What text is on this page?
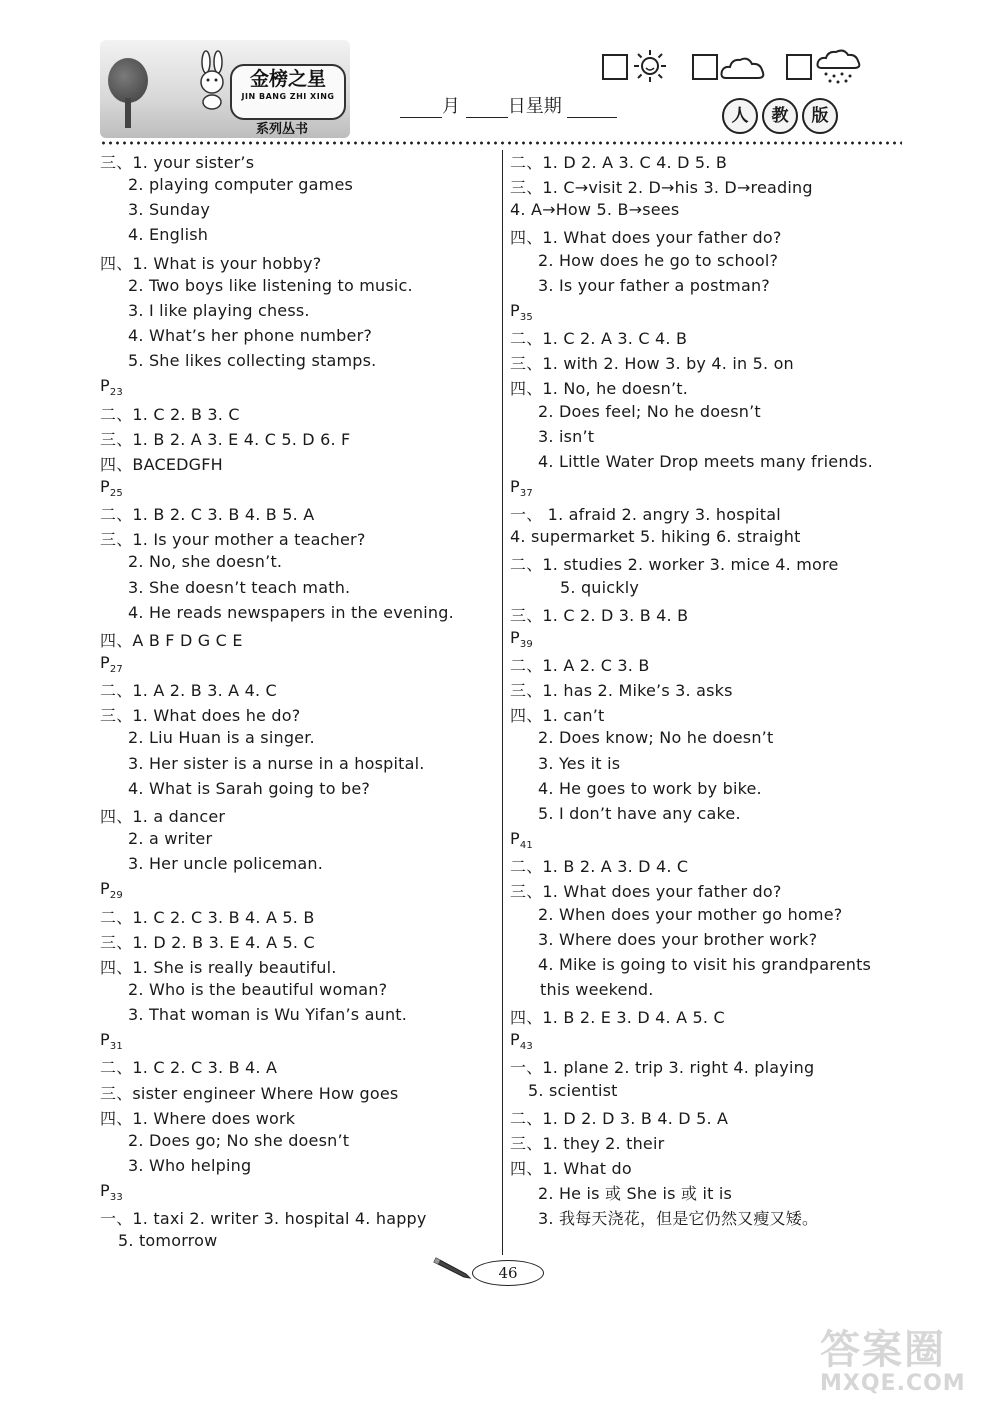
金榜之星
JIN BANG ZHI XING
系列丛书
月	日星期	人	教	版
三、1. your sister’s
2. playing computer games
3. Sunday
4. English
四、1. What is your hobby?
2. Two boys like listening to music.
3. I like playing chess.
4. What’s her phone number?
5. She likes collecting stamps.
$P_{23}$
二、1. C 2. B 3. C
三、1. B 2. A 3. E 4. C 5. D 6. F
四、BACEDGFH
$P_{25}$
二、1. B 2. C 3. B 4. B 5. A
三、1. Is your mother a teacher?
2. No, she doesn’t.
3. She doesn’t teach math.
4. He reads newspapers in the evening.
四、A B F D G C E
$P_{27}$
二、1. A 2. B 3. A 4. C
三、1. What does he do?
2. Liu Huan is a singer.
3. Her sister is a nurse in a hospital.
4. What is Sarah going to be?
四、1. a dancer
2. a writer
3. Her uncle policeman.
$P_{29}$
二、1. C 2. C 3. B 4. A 5. B
三、1. D 2. B 3. E 4. A 5. C
四、1. She is really beautiful.
2. Who is the beautiful woman?
3. That woman is Wu Yifan’s aunt.
$P_{31}$
二、1. C 2. C 3. B 4. A
三、sister engineer Where How goes
四、1. Where does work
2. Does go; No she doesn’t
3. Who helping
$P_{33}$
一、1. taxi 2. writer 3. hospital 4. happy
5. tomorrow
二、1. D 2. A 3. C 4. D 5. B
三、1. C→visit 2. D→his 3. D→reading
4. A→How 5. B→sees
四、1. What does your father do?
2. How does he go to school?
3. Is your father a postman?
$P_{35}$
二、1. C 2. A 3. C 4. B
三、1. with 2. How 3. by 4. in 5. on
四、1. No, he doesn’t.
2. Does feel; No he doesn’t
3. isn’t
4. Little Water Drop meets many friends.
$P_{37}$
一、 1. afraid 2. angry 3. hospital
4. supermarket 5. hiking 6. straight
二、1. studies 2. worker 3. mice 4. more
5. quickly
三、1. C 2. D 3. B 4. B
$P_{39}$
二、1. A 2. C 3. B
三、1. has 2. Mike’s 3. asks
四、1. can’t
2. Does know; No he doesn’t
3. Yes it is
4. He goes to work by bike.
5. I don’t have any cake.
$P_{41}$
二、1. B 2. A 3. D 4. C
三、1. What does your father do?
2. When does your mother go home?
3. Where does your brother work?
4. Mike is going to visit his grandparents
this weekend.
四、1. B 2. E 3. D 4. A 5. C
$P_{43}$
一、1. plane 2. trip 3. right 4. playing
5. scientist
二、1. D 2. D 3. B 4. D 5. A
三、1. they 2. their
四、1. What do
2. He is 或 She is 或 it is
3. 我每天浇花，但是它仍然又瘦又矮。
46
答案圈
MXQE.COM
